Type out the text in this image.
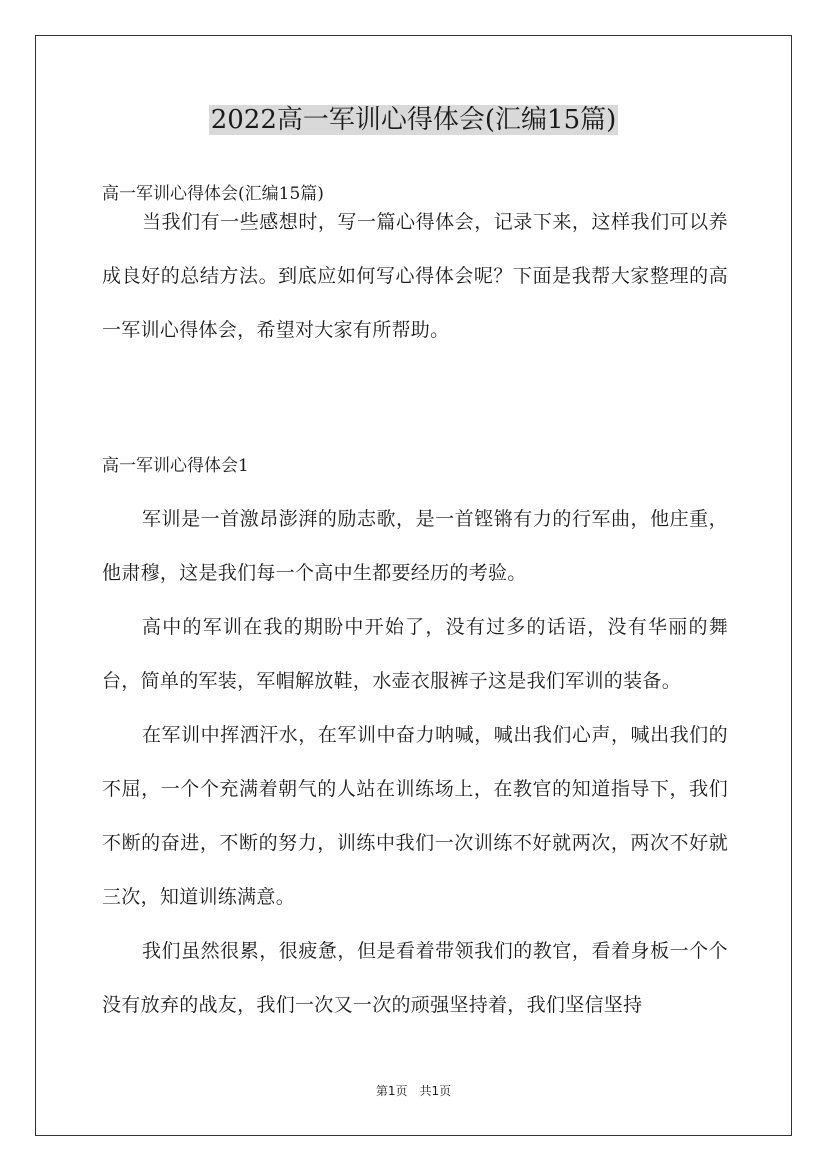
2022高一军训心得体会(汇编15篇)
高一军训心得体会(汇编15篇)
当我们有一些感想时，写一篇心得体会，记录下来，这样我们可以养成良好的总结方法。到底应如何写心得体会呢？下面是我帮大家整理的高一军训心得体会，希望对大家有所帮助。
高一军训心得体会1
军训是一首激昂澎湃的励志歌，是一首铿锵有力的行军曲，他庄重，他肃穆，这是我们每一个高中生都要经历的考验。
高中的军训在我的期盼中开始了，没有过多的话语，没有华丽的舞台，简单的军装，军帽解放鞋，水壶衣服裤子这是我们军训的装备。
在军训中挥洒汗水，在军训中奋力呐喊，喊出我们心声，喊出我们的不屈，一个个充满着朝气的人站在训练场上，在教官的知道指导下，我们不断的奋进，不断的努力，训练中我们一次训练不好就两次，两次不好就三次，知道训练满意。
我们虽然很累，很疲惫，但是看着带领我们的教官，看着身板一个个没有放弃的战友，我们一次又一次的顽强坚持着，我们坚信坚持
第1页　共1页
